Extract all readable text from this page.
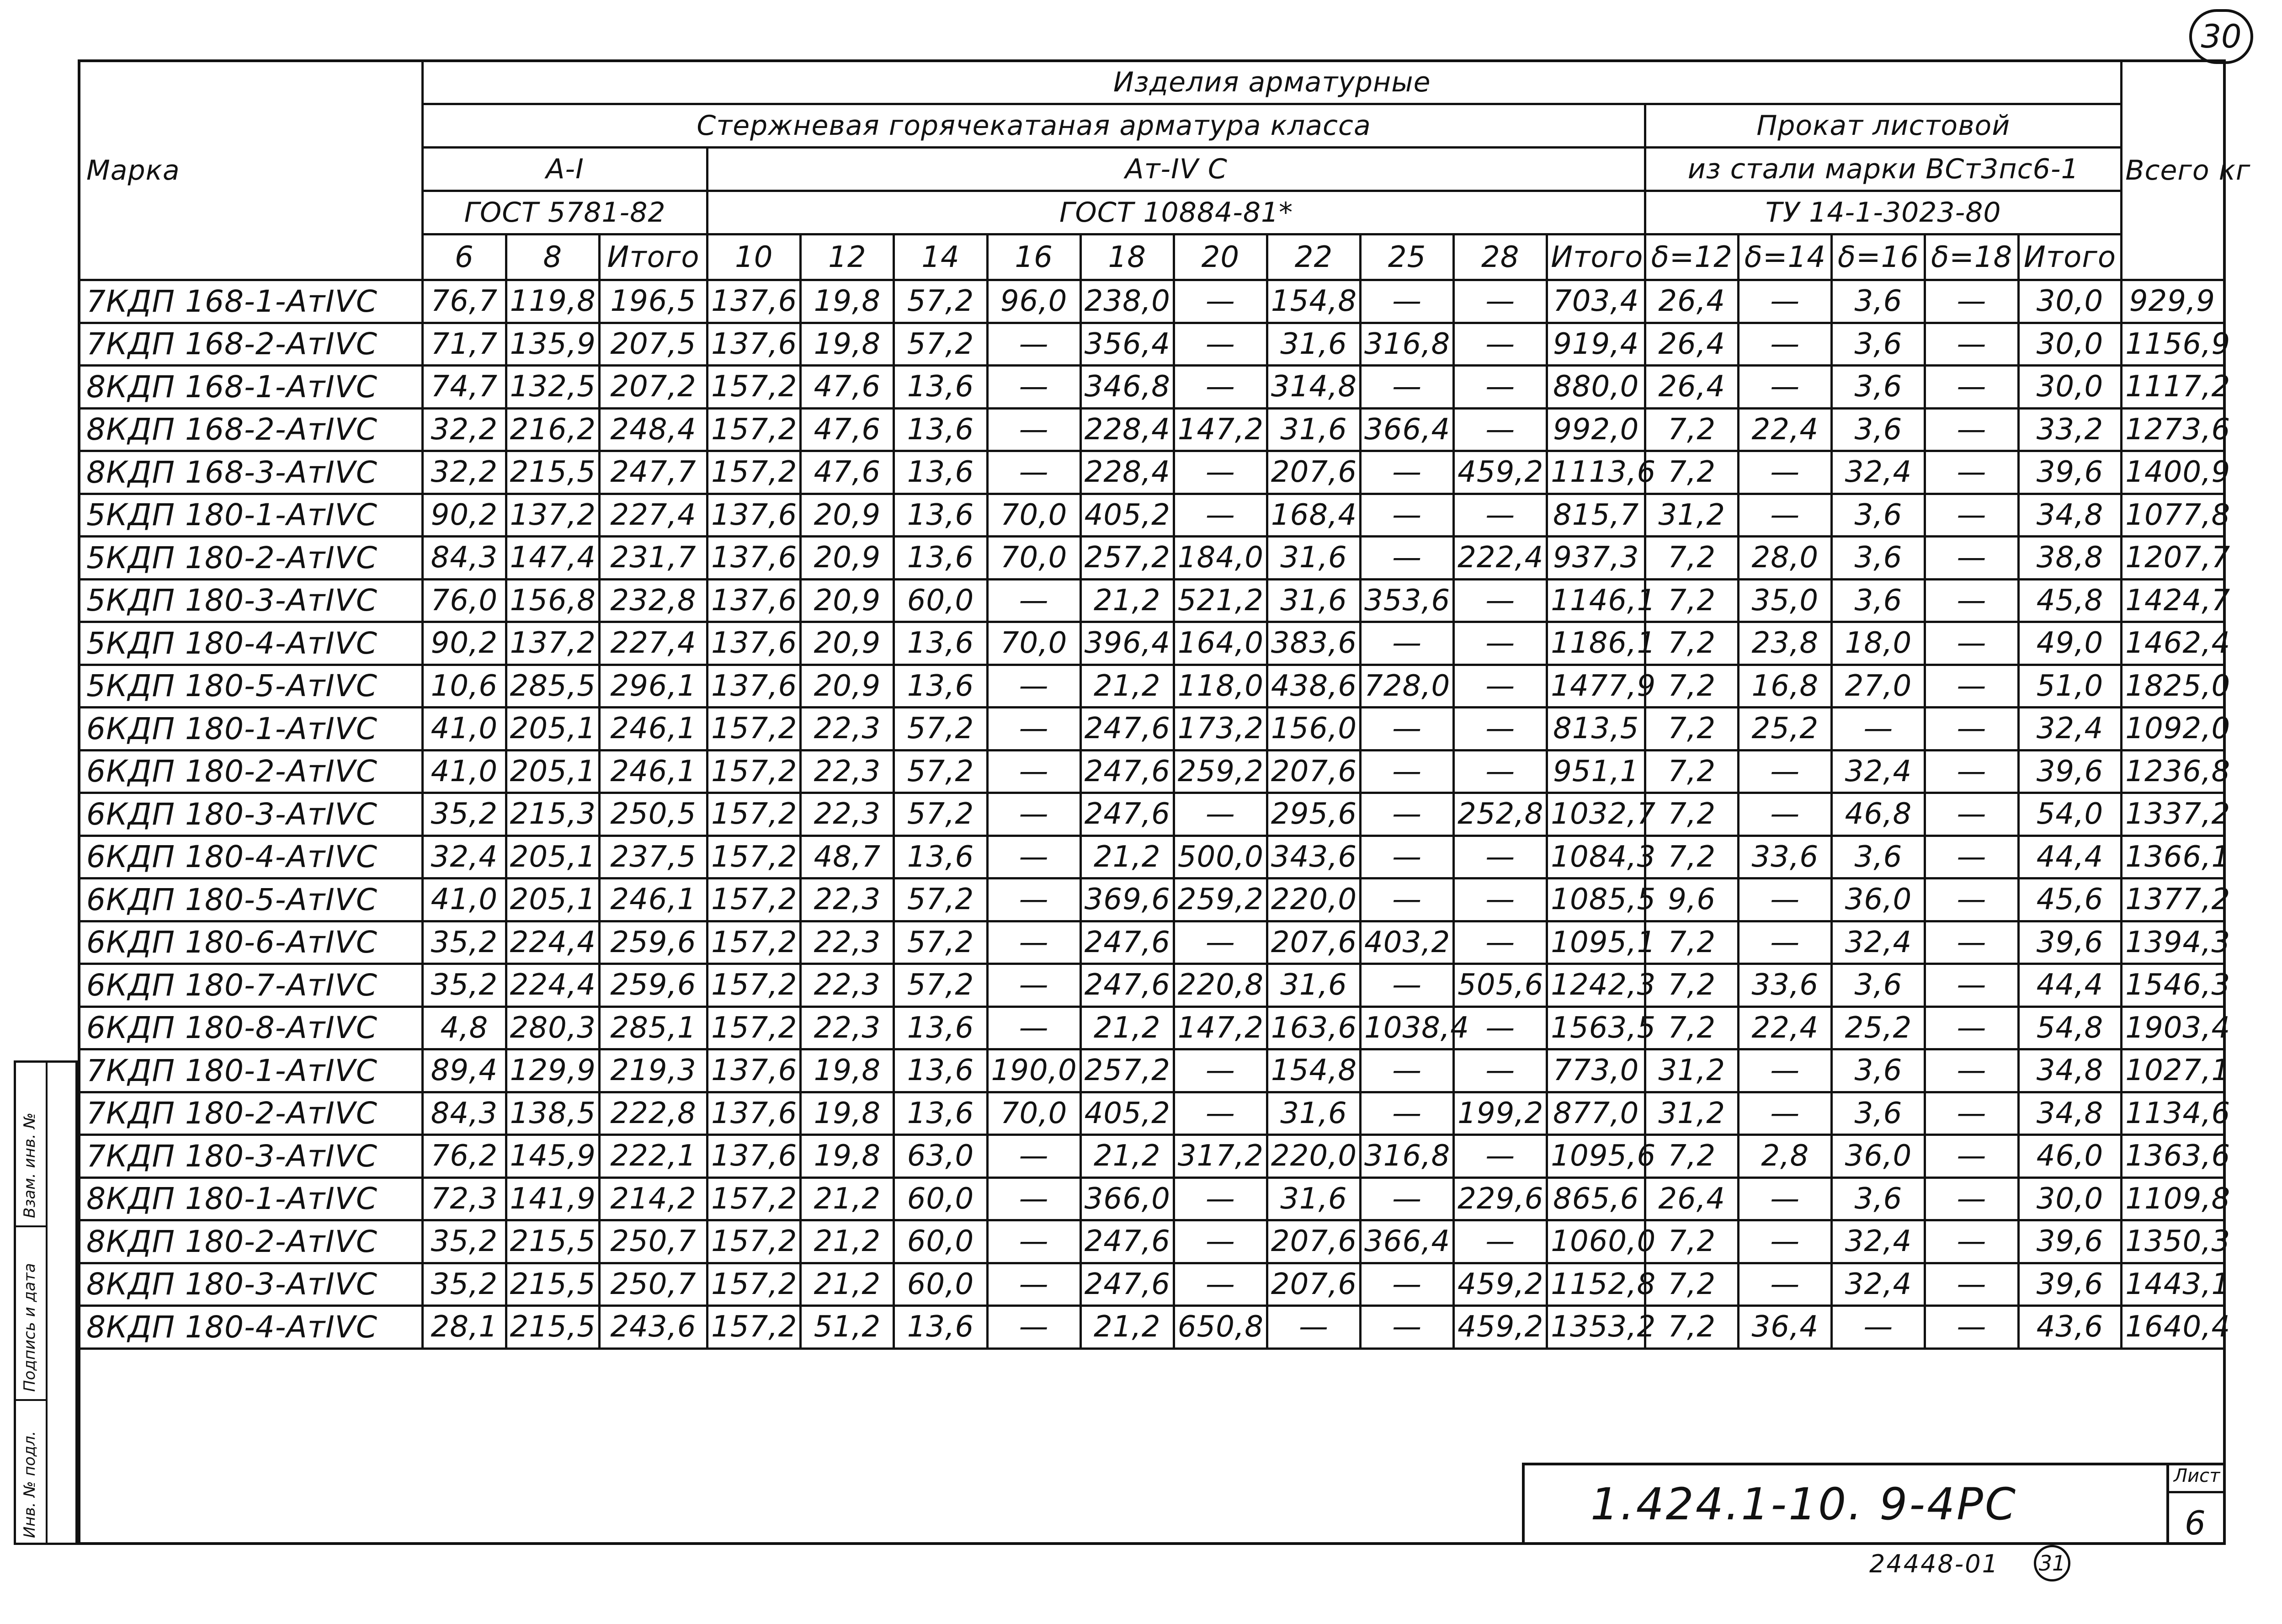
30
Марка	Изделия арматурные																		Всего кг
	Стержневая горячекатаная арматура класса													Прокат листовой					
	А-I			Ат-IV С										из стали марки ВСт3пс6-1					
	ГОСТ 5781-82			ГОСТ 10884-81*										ТУ 14-1-3023-80					
	6	8	Итого	10	12	14	16	18	20	22	25	28	Итого	δ=12	δ=14	δ=16	δ=18	Итого	
7КДП 168-1-АтIVС	76,7	119,8	196,5	137,6	19,8	57,2	96,0	238,0	—	154,8	—	—	703,4	26,4	—	3,6	—	30,0	929,9
7КДП 168-2-АтIVС	71,7	135,9	207,5	137,6	19,8	57,2	—	356,4	—	31,6	316,8	—	919,4	26,4	—	3,6	—	30,0	1156,9
8КДП 168-1-АтIVС	74,7	132,5	207,2	157,2	47,6	13,6	—	346,8	—	314,8	—	—	880,0	26,4	—	3,6	—	30,0	1117,2
8КДП 168-2-АтIVС	32,2	216,2	248,4	157,2	47,6	13,6	—	228,4	147,2	31,6	366,4	—	992,0	7,2	22,4	3,6	—	33,2	1273,6
8КДП 168-3-АтIVС	32,2	215,5	247,7	157,2	47,6	13,6	—	228,4	—	207,6	—	459,2	1113,6	7,2	—	32,4	—	39,6	1400,9
5КДП 180-1-АтIVС	90,2	137,2	227,4	137,6	20,9	13,6	70,0	405,2	—	168,4	—	—	815,7	31,2	—	3,6	—	34,8	1077,8
5КДП 180-2-АтIVС	84,3	147,4	231,7	137,6	20,9	13,6	70,0	257,2	184,0	31,6	—	222,4	937,3	7,2	28,0	3,6	—	38,8	1207,7
5КДП 180-3-АтIVС	76,0	156,8	232,8	137,6	20,9	60,0	—	21,2	521,2	31,6	353,6	—	1146,1	7,2	35,0	3,6	—	45,8	1424,7
5КДП 180-4-АтIVС	90,2	137,2	227,4	137,6	20,9	13,6	70,0	396,4	164,0	383,6	—	—	1186,1	7,2	23,8	18,0	—	49,0	1462,4
5КДП 180-5-АтIVС	10,6	285,5	296,1	137,6	20,9	13,6	—	21,2	118,0	438,6	728,0	—	1477,9	7,2	16,8	27,0	—	51,0	1825,0
6КДП 180-1-АтIVС	41,0	205,1	246,1	157,2	22,3	57,2	—	247,6	173,2	156,0	—	—	813,5	7,2	25,2	—	—	32,4	1092,0
6КДП 180-2-АтIVС	41,0	205,1	246,1	157,2	22,3	57,2	—	247,6	259,2	207,6	—	—	951,1	7,2	—	32,4	—	39,6	1236,8
6КДП 180-3-АтIVС	35,2	215,3	250,5	157,2	22,3	57,2	—	247,6	—	295,6	—	252,8	1032,7	7,2	—	46,8	—	54,0	1337,2
6КДП 180-4-АтIVС	32,4	205,1	237,5	157,2	48,7	13,6	—	21,2	500,0	343,6	—	—	1084,3	7,2	33,6	3,6	—	44,4	1366,1
6КДП 180-5-АтIVС	41,0	205,1	246,1	157,2	22,3	57,2	—	369,6	259,2	220,0	—	—	1085,5	9,6	—	36,0	—	45,6	1377,2
6КДП 180-6-АтIVС	35,2	224,4	259,6	157,2	22,3	57,2	—	247,6	—	207,6	403,2	—	1095,1	7,2	—	32,4	—	39,6	1394,3
6КДП 180-7-АтIVС	35,2	224,4	259,6	157,2	22,3	57,2	—	247,6	220,8	31,6	—	505,6	1242,3	7,2	33,6	3,6	—	44,4	1546,3
6КДП 180-8-АтIVС	4,8	280,3	285,1	157,2	22,3	13,6	—	21,2	147,2	163,6	1038,4	—	1563,5	7,2	22,4	25,2	—	54,8	1903,4
7КДП 180-1-АтIVС	89,4	129,9	219,3	137,6	19,8	13,6	190,0	257,2	—	154,8	—	—	773,0	31,2	—	3,6	—	34,8	1027,1
7КДП 180-2-АтIVС	84,3	138,5	222,8	137,6	19,8	13,6	70,0	405,2	—	31,6	—	199,2	877,0	31,2	—	3,6	—	34,8	1134,6
7КДП 180-3-АтIVС	76,2	145,9	222,1	137,6	19,8	63,0	—	21,2	317,2	220,0	316,8	—	1095,6	7,2	2,8	36,0	—	46,0	1363,6
8КДП 180-1-АтIVС	72,3	141,9	214,2	157,2	21,2	60,0	—	366,0	—	31,6	—	229,6	865,6	26,4	—	3,6	—	30,0	1109,8
8КДП 180-2-АтIVС	35,2	215,5	250,7	157,2	21,2	60,0	—	247,6	—	207,6	366,4	—	1060,0	7,2	—	32,4	—	39,6	1350,3
8КДП 180-3-АтIVС	35,2	215,5	250,7	157,2	21,2	60,0	—	247,6	—	207,6	—	459,2	1152,8	7,2	—	32,4	—	39,6	1443,1
8КДП 180-4-АтIVС	28,1	215,5	243,6	157,2	51,2	13,6	—	21,2	650,8	—	—	459,2	1353,2	7,2	36,4	—	—	43,6	1640,4
Взам. инв. №
Подпись и дата
Инв. № подл.	1.424.1-10. 9-4РС
Лист
6
24448-01 31
